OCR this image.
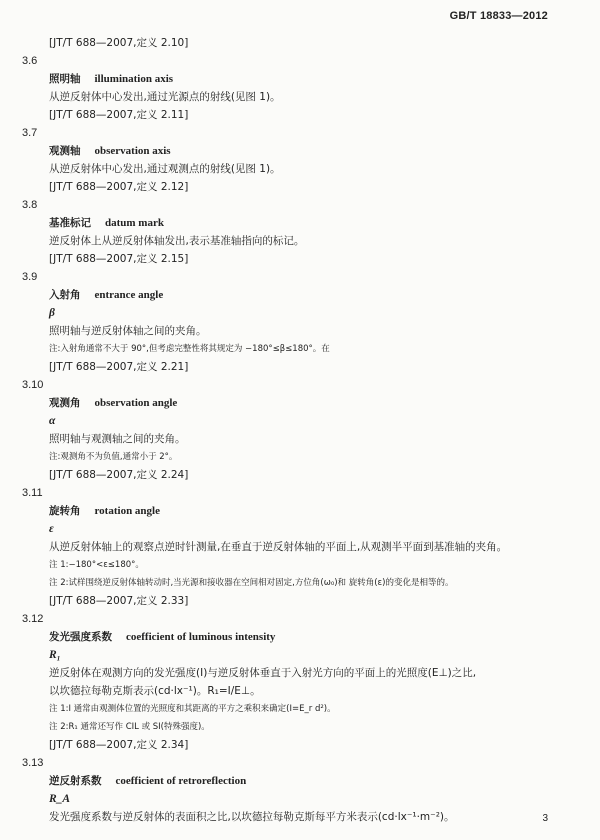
GB/T 18833—2012
[JT/T 688—2007,定义 2.10]
3.6
照明轴 illumination axis
从逆反射体中心发出,通过光源点的射线(见图 1)。
[JT/T 688—2007,定义 2.11]
3.7
观测轴 observation axis
从逆反射体中心发出,通过观测点的射线(见图 1)。
[JT/T 688—2007,定义 2.12]
3.8
基准标记 datum mark
逆反射体上从逆反射体轴发出,表示基准轴指向的标记。
[JT/T 688—2007,定义 2.15]
3.9
入射角 entrance angle
β
照明轴与逆反射体轴之间的夹角。
注:入射角通常不大于 90°,但考虑完整性将其规定为 −180°≤β≤180°。在
[JT/T 688—2007,定义 2.21]
3.10
观测角 observation angle
α
照明轴与观测轴之间的夹角。
注:观测角不为负值,通常小于 2°。
[JT/T 688—2007,定义 2.24]
3.11
旋转角 rotation angle
ε
从逆反射体轴上的观察点逆时针测量,在垂直于逆反射体轴的平面上,从观测半平面到基准轴的夹角。
注 1:−180°<ε≤180°。
注 2:试样围绕逆反射体轴转动时,当光源和接收器在空间相对固定,方位角(ω₀)和 旋转角(ε)的变化是相等的。
[JT/T 688—2007,定义 2.33]
3.12
发光强度系数 coefficient of luminous intensity
R₁
逆反射体在观测方向的发光强度(I)与逆反射体垂直于入射光方向的平面上的光照度(E⊥)之比,
以坎德拉每勒克斯表示(cd·lx⁻¹)。R₁=I/E⊥。
注 1:I 通常由观测体位置的光照度和其距离的平方之乘积来确定(I=E_r d²)。
注 2:R₁ 通常还写作 CIL 或 SI(特殊强度)。
[JT/T 688—2007,定义 2.34]
3.13
逆反射系数 coefficient of retroreflection
R_A
发光强度系数与逆反射体的表面积之比,以坎德拉每勒克斯每平方米表示(cd·lx⁻¹·m⁻²)。	3
